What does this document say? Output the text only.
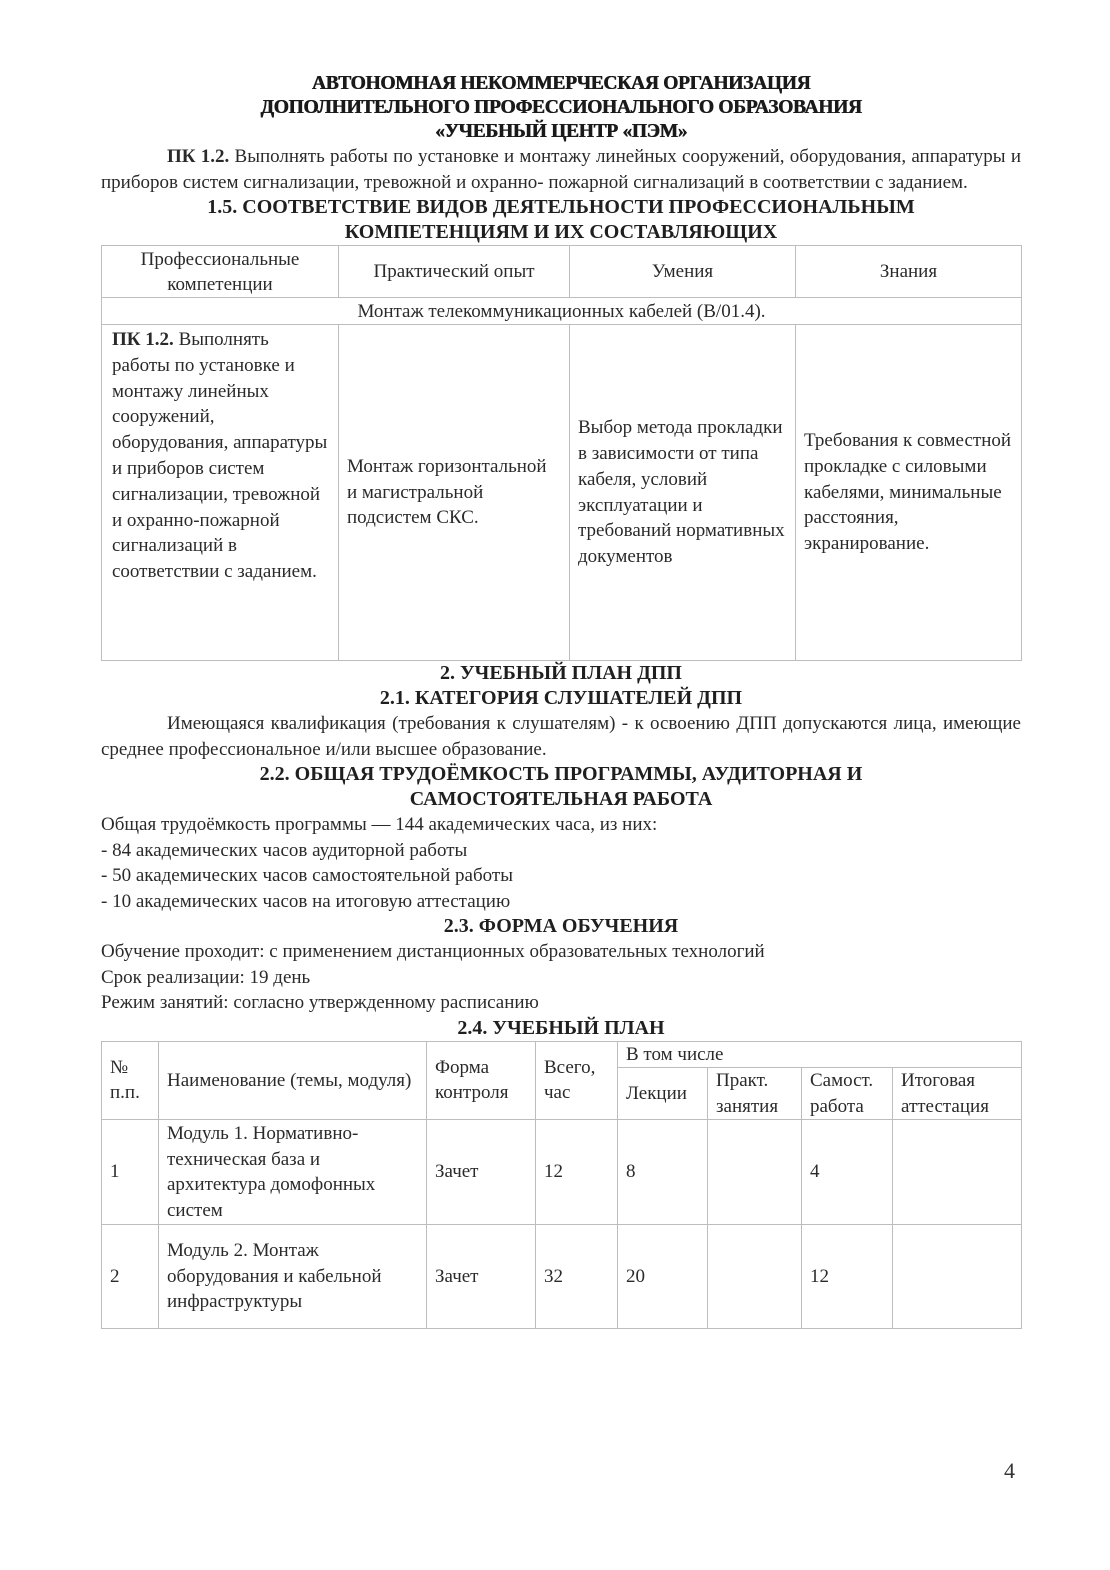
АВТОНОМНАЯ НЕКОММЕРЧЕСКАЯ ОРГАНИЗАЦИЯ
ДОПОЛНИТЕЛЬНОГО ПРОФЕССИОНАЛЬНОГО ОБРАЗОВАНИЯ
«УЧЕБНЫЙ ЦЕНТР «ПЭМ»

ПК 1.2. Выполнять работы по установке и монтажу линейных сооружений, оборудования, аппаратуры и приборов систем сигнализации, тревожной и охранно- пожарной сигнализаций в соответствии с заданием.

1.5. СООТВЕТСТВИЕ ВИДОВ ДЕЯТЕЛЬНОСТИ ПРОФЕССИОНАЛЬНЫМ
КОМПЕТЕНЦИЯМ И ИХ СОСТАВЛЯЮЩИХ
Профессиональные компетенции	Практический опыт	Умения	Знания
Монтаж телекоммуникационных кабелей (В/01.4).			
ПК 1.2. Выполнять работы по установке и монтажу линейных сооружений, оборудования, аппаратуры и приборов систем сигнализации, тревожной и охранно-пожарной сигнализаций в соответствии с заданием.	Монтаж горизонтальной и магистральной подсистем СКС.	Выбор метода прокладки в зависимости от типа кабеля, условий эксплуатации и требований нормативных документов	Требования к совместной прокладке с силовыми кабелями, минимальные расстояния, экранирование.
2. УЧЕБНЫЙ ПЛАН ДПП
2.1. КАТЕГОРИЯ СЛУШАТЕЛЕЙ ДПП

Имеющаяся квалификация (требования к слушателям) - к освоению ДПП допускаются лица, имеющие среднее профессиональное и/или высшее образование.

2.2. ОБЩАЯ ТРУДОЁМКОСТЬ ПРОГРАММЫ, АУДИТОРНАЯ И
САМОСТОЯТЕЛЬНАЯ РАБОТА

Общая трудоёмкость программы — 144 академических часа, из них:

- 84 академических часов аудиторной работы

- 50 академических часов самостоятельной работы

- 10 академических часов на итоговую аттестацию

2.3. ФОРМА ОБУЧЕНИЯ

Обучение проходит: с применением дистанционных образовательных технологий

Срок реализации: 19 день

Режим занятий: согласно утвержденному расписанию

2.4. УЧЕБНЫЙ ПЛАН
№ п.п.	Наименование (темы, модуля)	Форма контроля	Всего, час	В том числе			
				Лекции	Практ. занятия	Самост. работа	Итоговая аттестация
1	Модуль 1. Нормативно-техническая база и архитектура домофонных систем	Зачет	12	8		4	
2	Модуль 2. Монтаж оборудования и кабельной инфраструктуры	Зачет	32	20		12	
4
